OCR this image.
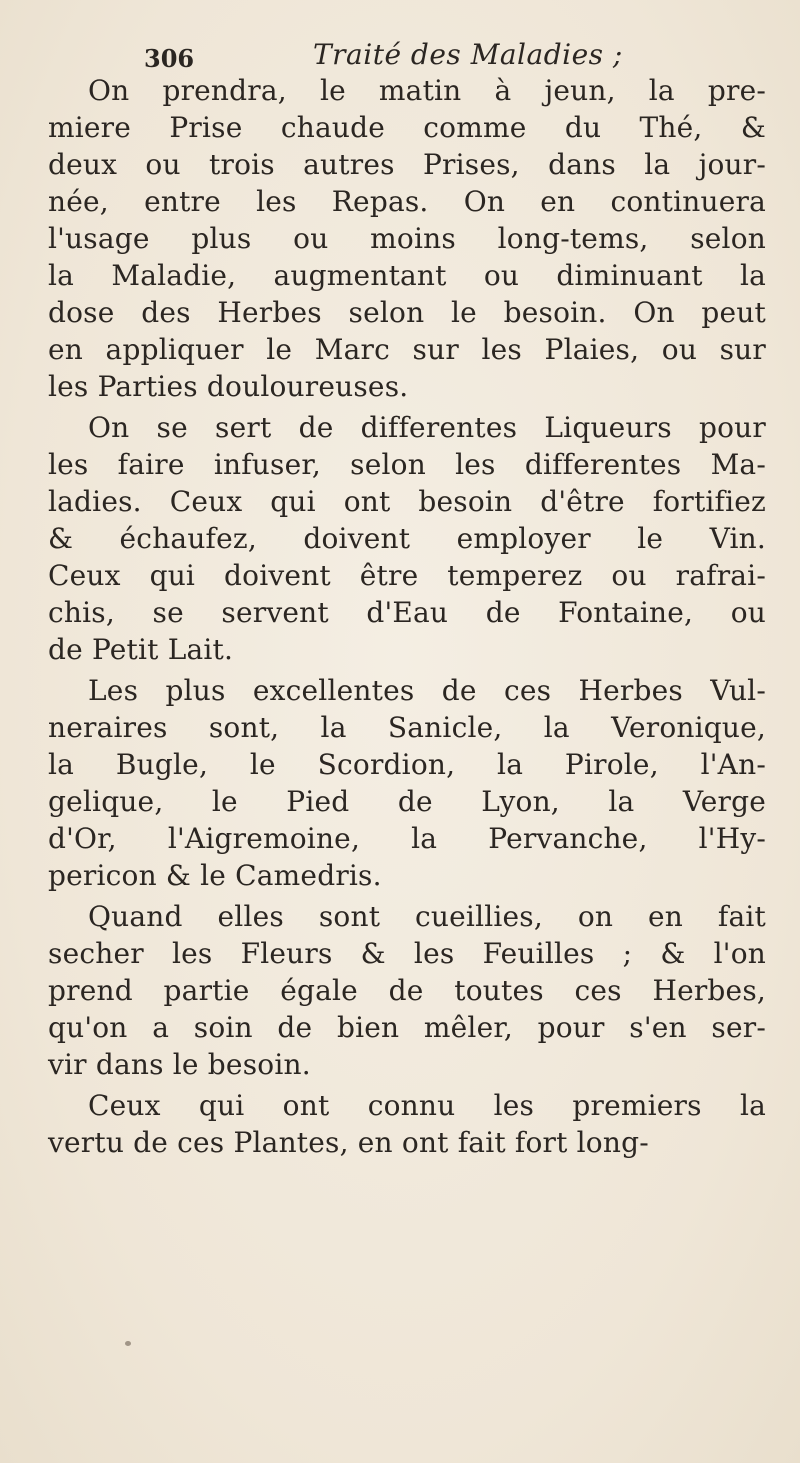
306	Traité des Maladies ;
On prendra, le matin à jeun, la pre-
miere Prise chaude comme du Thé, &
deux ou trois autres Prises, dans la jour-
née, entre les Repas. On en continuera
l'usage plus ou moins long-tems, selon
la Maladie, augmentant ou diminuant la
dose des Herbes selon le besoin. On peut
en appliquer le Marc sur les Plaies, ou sur
les Parties douloureuses.
On se sert de differentes Liqueurs pour
les faire infuser, selon les differentes Ma-
ladies. Ceux qui ont besoin d'être fortifiez
& échaufez, doivent employer le Vin.
Ceux qui doivent être temperez ou rafrai-
chis, se servent d'Eau de Fontaine, ou
de Petit Lait.
Les plus excellentes de ces Herbes Vul-
neraires sont, la Sanicle, la Veronique,
la Bugle, le Scordion, la Pirole, l'An-
gelique, le Pied de Lyon, la Verge
d'Or, l'Aigremoine, la Pervanche, l'Hy-
pericon & le Camedris.
Quand elles sont cueillies, on en fait
secher les Fleurs & les Feuilles ; & l'on
prend partie égale de toutes ces Herbes,
qu'on a soin de bien mêler, pour s'en ser-
vir dans le besoin.
Ceux qui ont connu les premiers la
vertu de ces Plantes, en ont fait fort long-
